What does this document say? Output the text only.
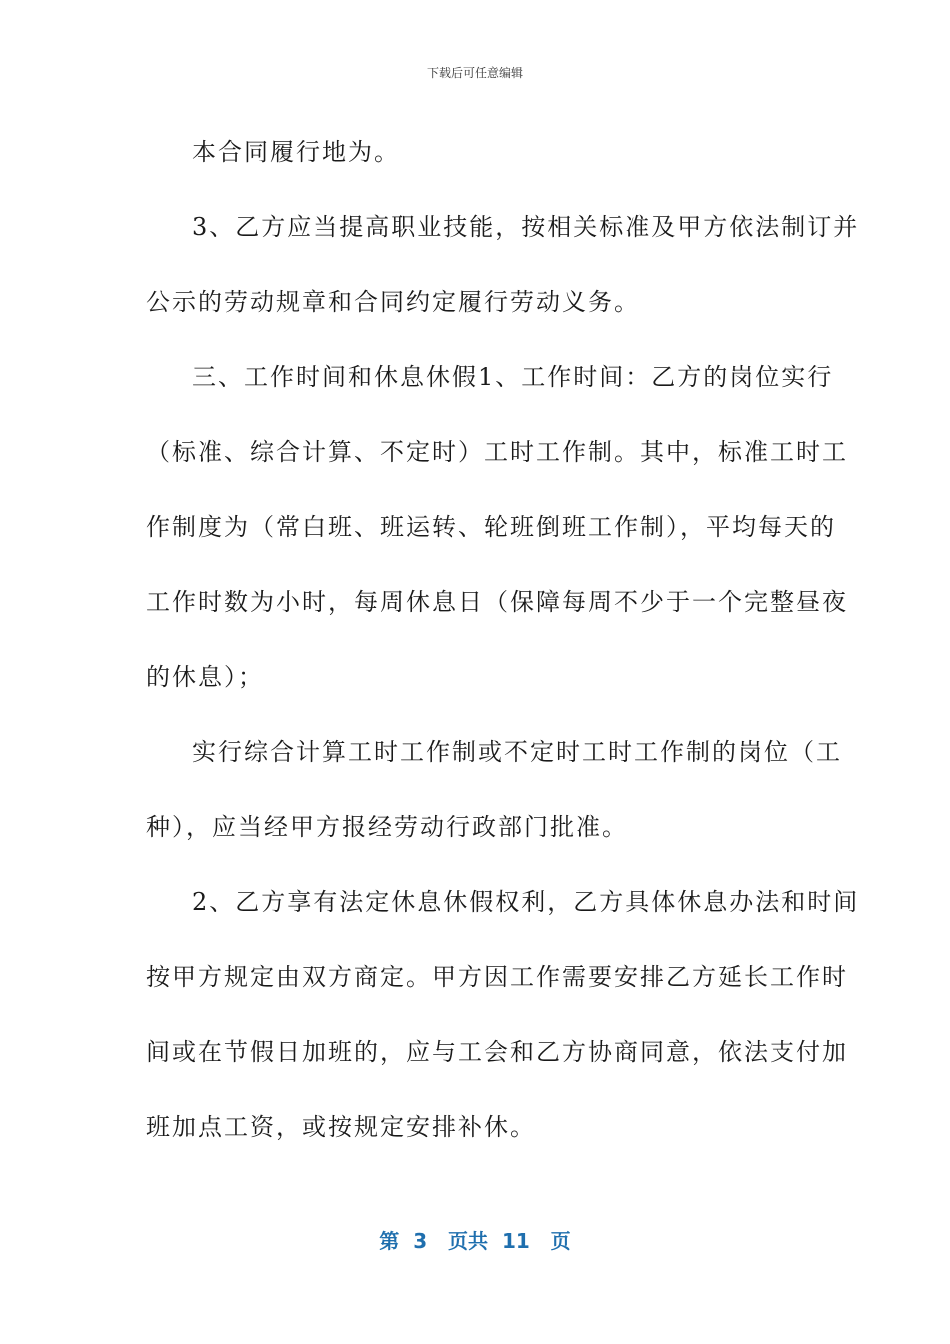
下载后可任意编辑
本合同履行地为。
3、乙方应当提高职业技能，按相关标准及甲方依法制订并
公示的劳动规章和合同约定履行劳动义务。
三、工作时间和休息休假1、工作时间：乙方的岗位实行
（标准、综合计算、不定时）工时工作制。其中，标准工时工
作制度为（常白班、班运转、轮班倒班工作制），平均每天的
工作时数为小时，每周休息日（保障每周不少于一个完整昼夜
的休息）；
实行综合计算工时工作制或不定时工时工作制的岗位（工
种），应当经甲方报经劳动行政部门批准。
2、乙方享有法定休息休假权利，乙方具体休息办法和时间
按甲方规定由双方商定。甲方因工作需要安排乙方延长工作时
间或在节假日加班的，应与工会和乙方协商同意，依法支付加
班加点工资，或按规定安排补休。
第  3   页共  11   页
